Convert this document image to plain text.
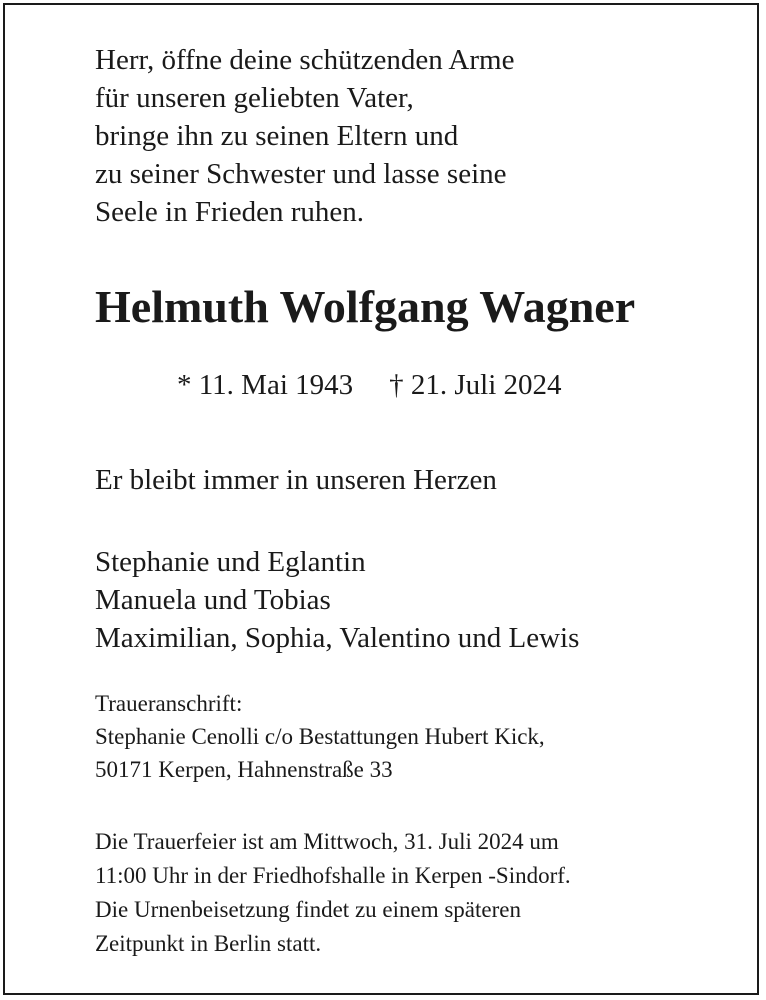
Herr, öffne deine schützenden Arme
für unseren geliebten Vater,
bringe ihn zu seinen Eltern und
zu seiner Schwester und lasse seine
Seele in Frieden ruhen.
Helmuth Wolfgang Wagner
* 11. Mai 1943 † 21. Juli 2024
Er bleibt immer in unseren Herzen
Stephanie und Eglantin
Manuela und Tobias
Maximilian, Sophia, Valentino und Lewis
Traueranschrift:
Stephanie Cenolli c/o Bestattungen Hubert Kick,
50171 Kerpen, Hahnenstraße 33
Die Trauerfeier ist am Mittwoch, 31. Juli 2024 um
11:00 Uhr in der Friedhofshalle in Kerpen -Sindorf.
Die Urnenbeisetzung findet zu einem späteren
Zeitpunkt in Berlin statt.
